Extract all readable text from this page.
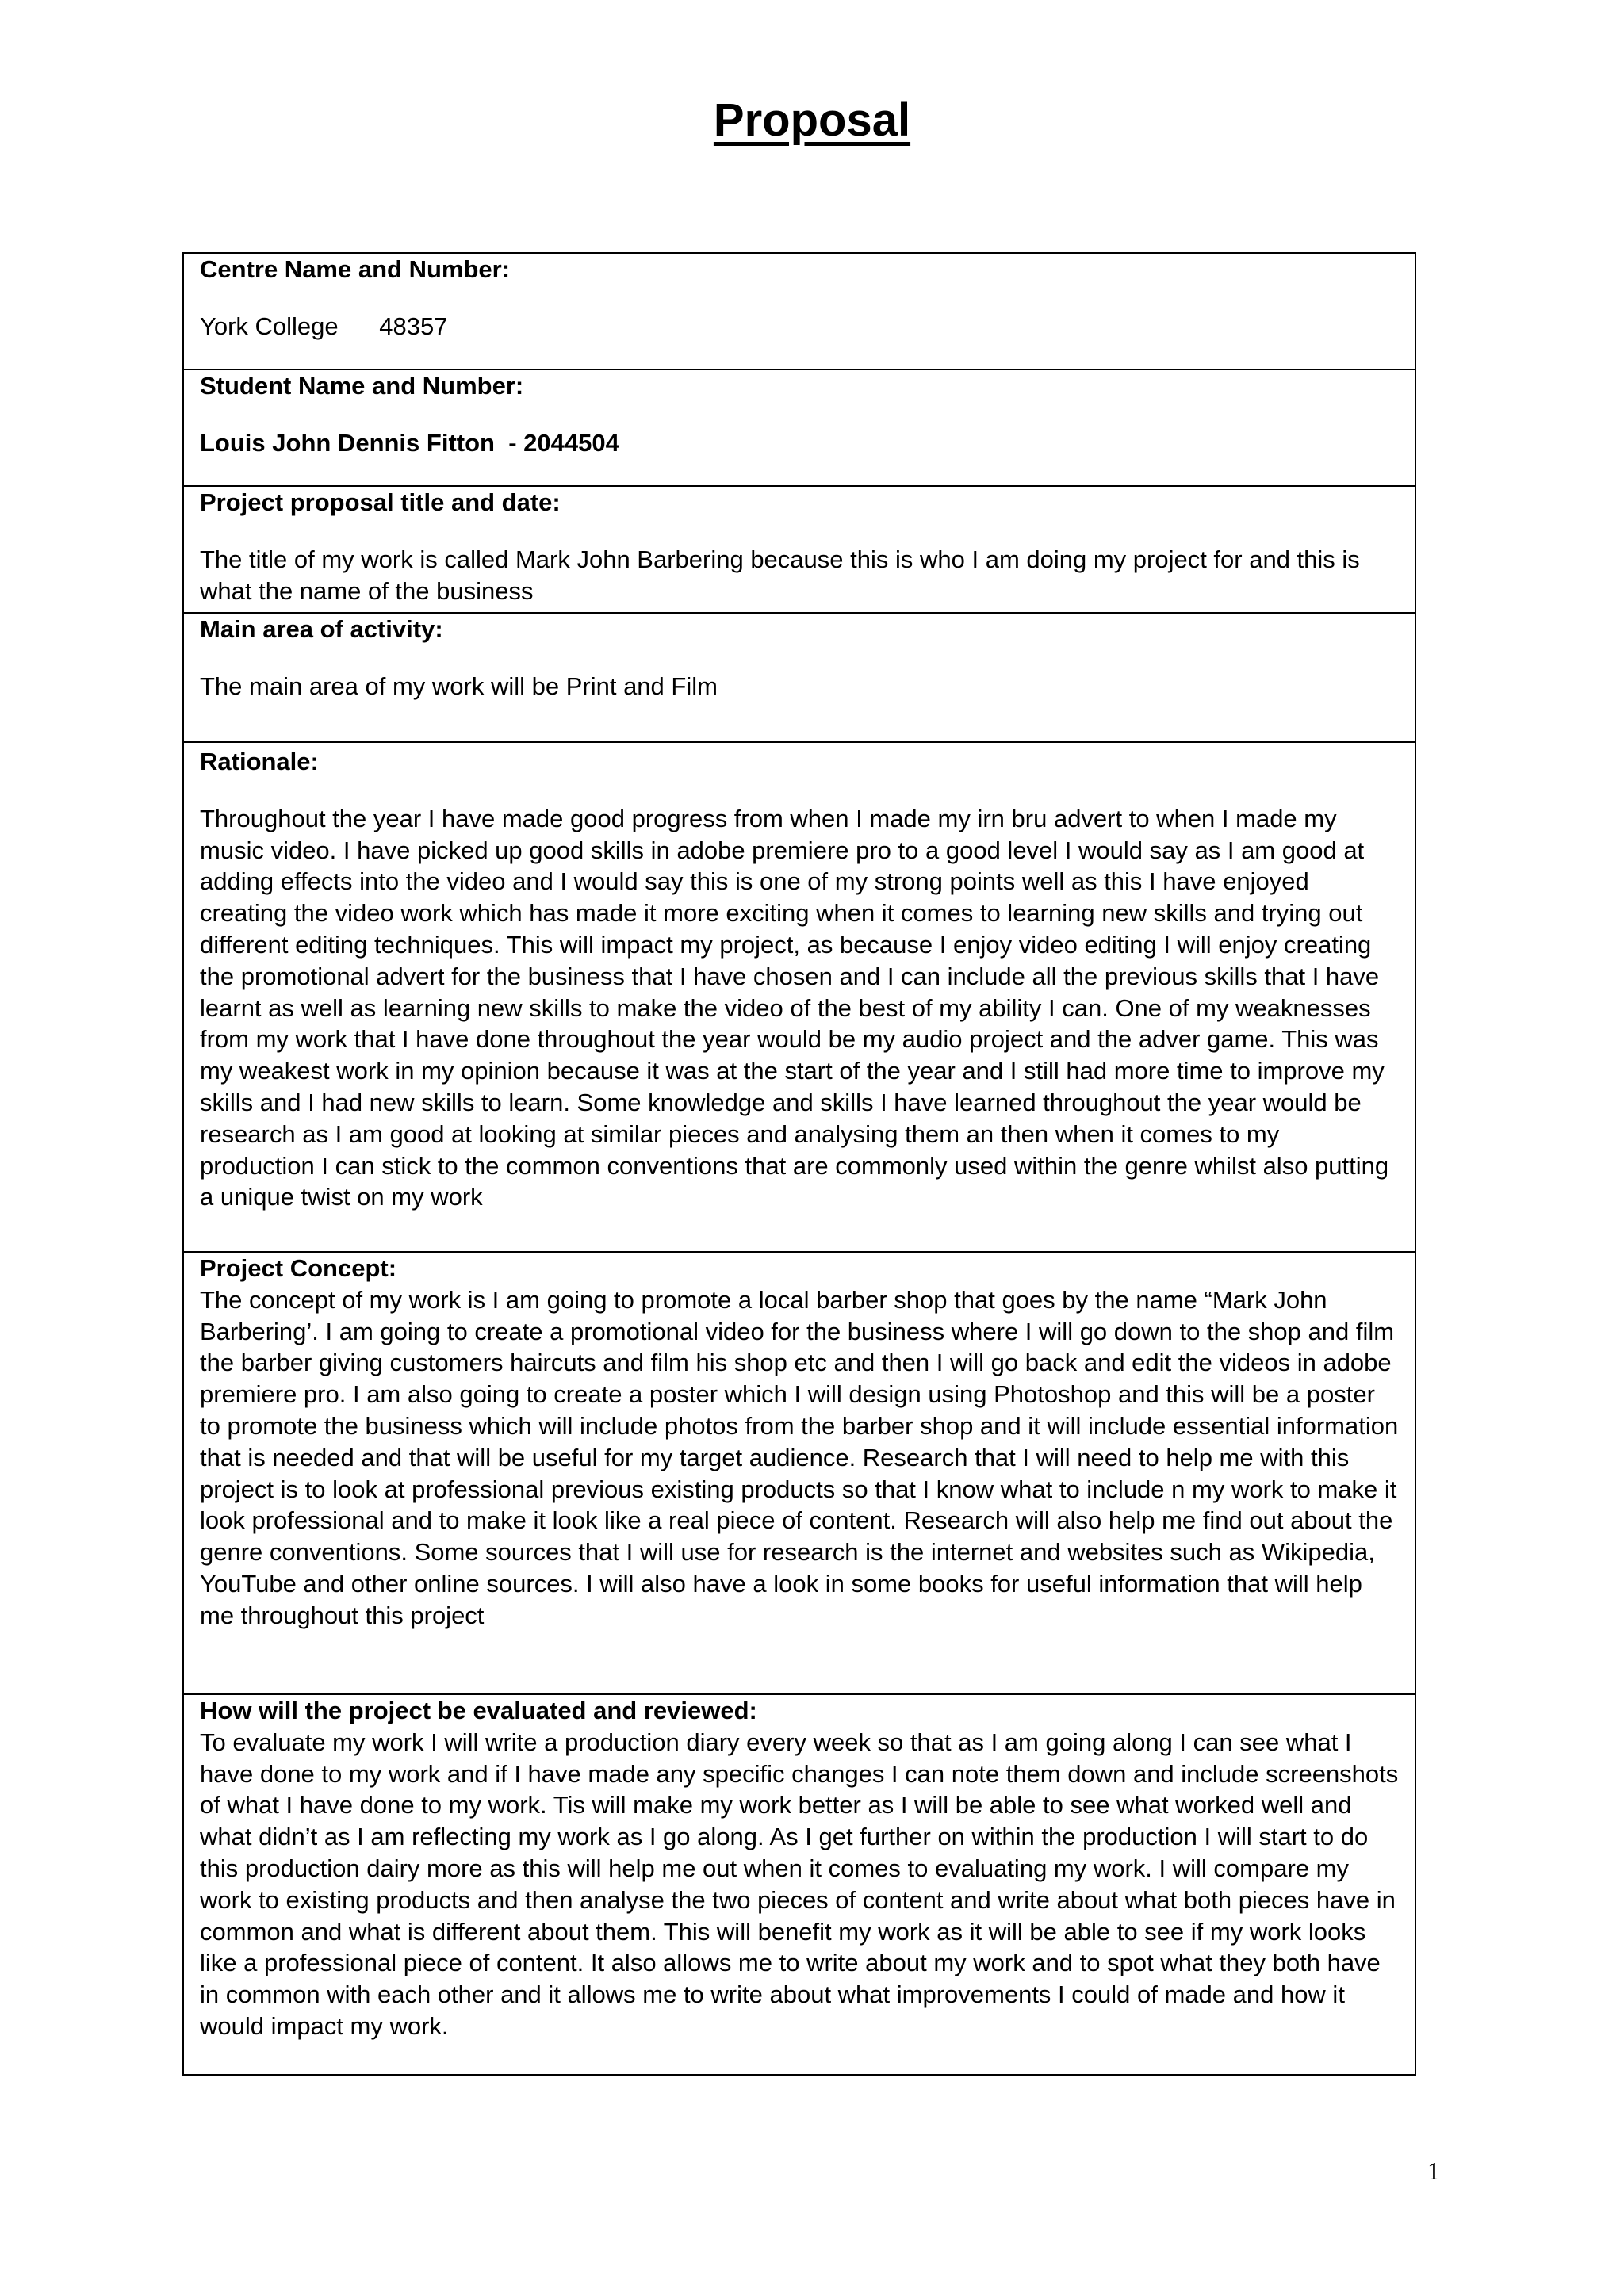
Proposal
Centre Name and Number:
York College      48357

Student Name and Number:
Louis John Dennis Fitton  - 2044504

Project proposal title and date:
The title of my work is called Mark John Barbering because this is who I am doing my project for and this is what the name of the business

Main area of activity:
The main area of my work will be Print and Film

Rationale:
Throughout the year I have made good progress from when I made my irn bru advert to when I made my music video. I have picked up good skills in adobe premiere pro to a good level I would say as I am good at adding effects into the video and I would say this is one of my strong points well as this I have enjoyed creating the video work which has made it more exciting when it comes to learning new skills and trying out different editing techniques. This will impact my project, as because I enjoy video editing I will enjoy creating the promotional advert for the business that I have chosen and I can include all the previous skills that I have learnt as well as learning new skills to make the video of the best of my ability I can. One of my weaknesses from my work that I have done throughout the year would be my audio project and the adver game. This was my weakest work in my opinion because it was at the start of the year and I still had more time to improve my skills and I had new skills to learn. Some knowledge and skills I have learned throughout the year would be research as I am good at looking at similar pieces and analysing them an then when it comes to my production I can stick to the common conventions that are commonly used within the genre whilst also putting a unique twist on my work

Project Concept:
The concept of my work is I am going to promote a local barber shop that goes by the name “Mark John Barbering’. I am going to create a promotional video for the business where I will go down to the shop and film the barber giving customers haircuts and film his shop etc and then I will go back and edit the videos in adobe premiere pro. I am also going to create a poster which I will design using Photoshop and this will be a poster to promote the business which will include photos from the barber shop and it will include essential information that is needed and that will be useful for my target audience. Research that I will need to help me with this project is to look at professional previous existing products so that I know what to include n my work to make it look professional and to make it look like a real piece of content. Research will also help me find out about the genre conventions. Some sources that I will use for research is the internet and websites such as Wikipedia, YouTube and other online sources. I will also have a look in some books for useful information that will help me throughout this project

How will the project be evaluated and reviewed:
To evaluate my work I will write a production diary every week so that as I am going along I can see what I have done to my work and if I have made any specific changes I can note them down and include screenshots of what I have done to my work. Tis will make my work better as I will be able to see what worked well and what didn’t as I am reflecting my work as I go along. As I get further on within the production I will start to do this production dairy more as this will help me out when it comes to evaluating my work. I will compare my work to existing products and then analyse the two pieces of content and write about what both pieces have in common and what is different about them. This will benefit my work as it will be able to see if my work looks like a professional piece of content. It also allows me to write about my work and to spot what they both have in common with each other and it allows me to write about what improvements I could of made and how it would impact my work.
1
